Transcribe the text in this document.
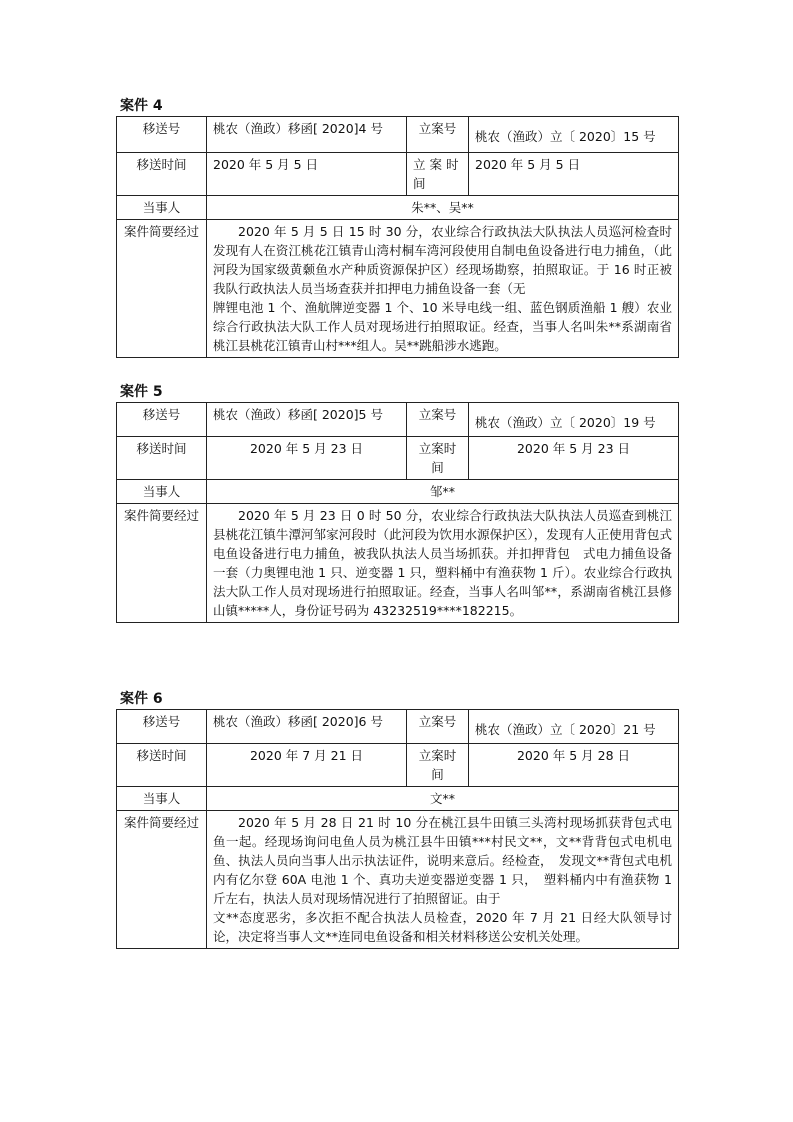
案件 4
移送号	桃农（渔政）移函[ 2020]4 号	立案号	桃农（渔政）立〔 2020〕15 号
移送时间	2020 年 5 月 5 日	立 案 时 间	2020 年 5 月 5 日
当事人	朱**、吴**		
案件简要经过	2020 年 5 月 5 日 15 时 30 分，农业综合行政执法大队执法人员巡河检查时发现有人在资江桃花江镇青山湾村桐车湾河段使用自制电鱼设备进行电力捕鱼，（此河段为国家级黄颡鱼水产种质资源保护区）经现场勘察，拍照取证。于 16 时正被我队行政执法人员当场查获并扣押电力捕鱼设备一套（无

牌锂电池 1 个、渔航牌逆变器 1 个、10 米导电线一组、蓝色钢质渔船 1 艘）农业综合行政执法大队工作人员对现场进行拍照取证。经查，当事人名叫朱**系湖南省桃江县桃花江镇青山村***组人。吴**跳船涉水逃跑。		

案件 5
移送号	桃农（渔政）移函[ 2020]5 号	立案号	桃农（渔政）立〔 2020〕19 号
移送时间	2020 年 5 月 23 日	立案时间	2020 年 5 月 23 日
当事人	邹**		
案件简要经过	2020 年 5 月 23 日 0 时 50 分，农业综合行政执法大队执法人员巡查到桃江县桃花江镇牛潭河邹家河段时（此河段为饮用水源保护区），发现有人正使用背包式电鱼设备进行电力捕鱼，被我队执法人员当场抓获。并扣押背包　式电力捕鱼设备一套（力奥锂电池 1 只、逆变器 1 只，塑料桶中有渔获物 1 斤）。农业综合行政执法大队工作人员对现场进行拍照取证。经查，当事人名叫邹**，系湖南省桃江县修山镇*****人，身份证号码为 43232519****182215。		

案件 6
移送号	桃农（渔政）移函[ 2020]6 号	立案号	桃农（渔政）立〔 2020〕21 号
移送时间	2020 年 7 月 21 日	立案时间	2020 年 5 月 28 日
当事人	文**		
案件简要经过	2020 年 5 月 28 日 21 时 10 分在桃江县牛田镇三头湾村现场抓获背包式电鱼一起。经现场询问电鱼人员为桃江县牛田镇***村民文**，文**背背包式电机电鱼、执法人员向当事人出示执法证件，说明来意后。经检查，　发现文**背包式电机内有亿尔登 60A 电池 1 个、真功夫逆变器逆变器 1 只，　塑料桶内中有渔获物 1 斤左右，执法人员对现场情况进行了拍照留证。由于

文**态度恶劣，多次拒不配合执法人员检查，2020 年 7 月 21 日经大队领导讨论，决定将当事人文**连同电鱼设备和相关材料移送公安机关处理。		
